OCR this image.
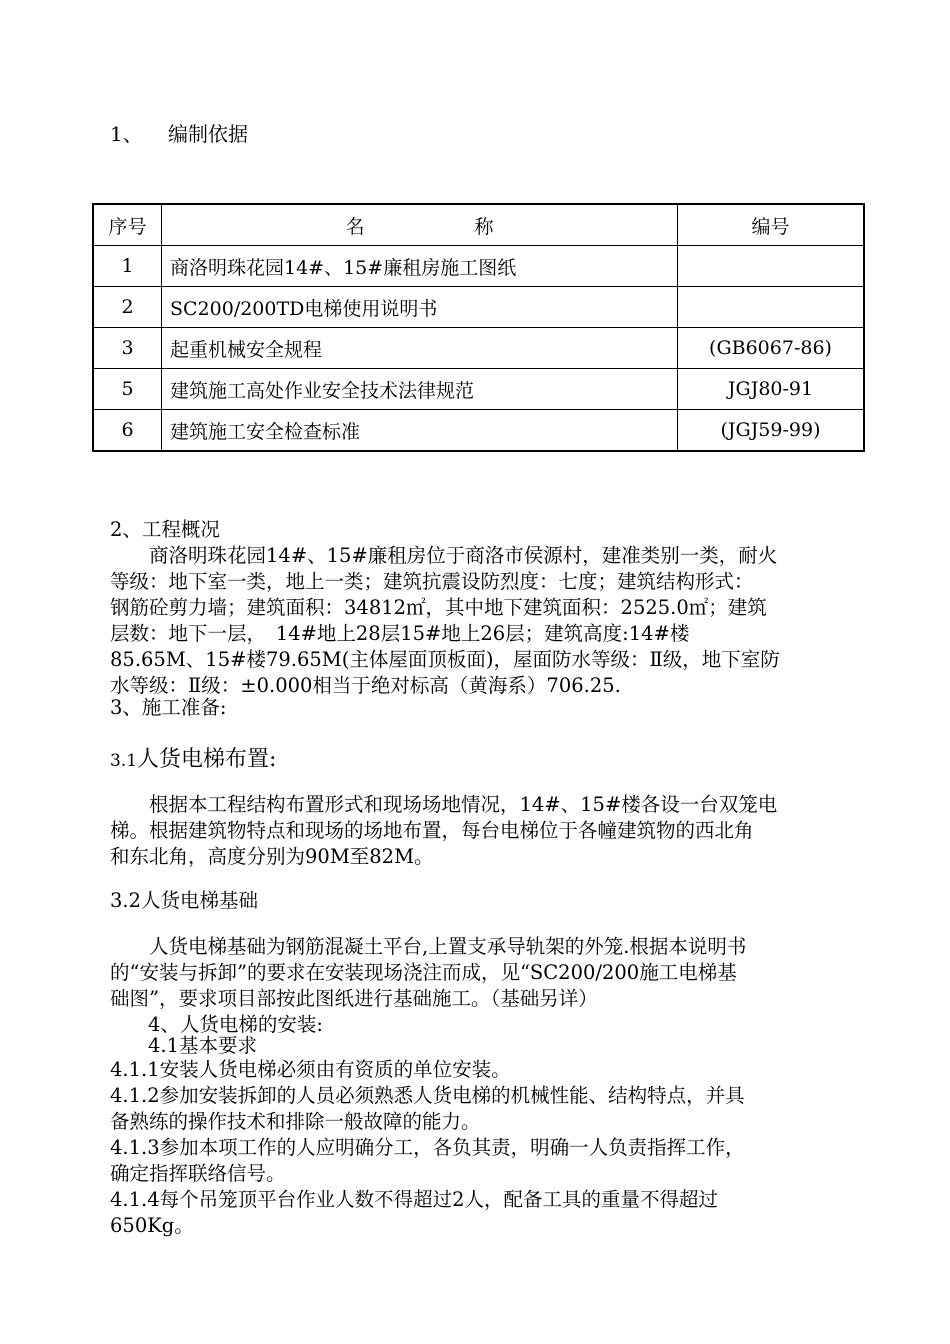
1、 编制依据
序号	名 称	编号
1	商洛明珠花园14#、15#廉租房施工图纸	
2	SC200/200TD电梯使用说明书	
3	起重机械安全规程	(GB6067-86)
5	建筑施工高处作业安全技术法律规范	JGJ80-91
6	建筑施工安全检查标准	(JGJ59-99)
2、工程概况
商洛明珠花园14#、15#廉租房位于商洛市侯源村，建准类别一类，耐火
等级：地下室一类，地上一类；建筑抗震设防烈度：七度；建筑结构形式：
钢筋砼剪力墙；建筑面积：34812㎡，其中地下建筑面积：2525.0㎡；建筑
层数：地下一层，　14#地上28层15#地上26层；建筑高度:14#楼
85.65M、15#楼79.65M(主体屋面顶板面)，屋面防水等级：Ⅱ级，地下室防
水等级：Ⅱ级：±0.000相当于绝对标高（黄海系）706.25.
3、施工准备:
3.1人货电梯布置:
根据本工程结构布置形式和现场场地情况，14#、15#楼各设一台双笼电
梯。根据建筑物特点和现场的场地布置，每台电梯位于各幢建筑物的西北角
和东北角，高度分别为90M至82M。
3.2人货电梯基础
人货电梯基础为钢筋混凝土平台,上置支承导轨架的外笼.根据本说明书
的“安装与拆卸”的要求在安装现场浇注而成，见“SC200/200施工电梯基
础图”，要求项目部按此图纸进行基础施工。（基础另详）
4、人货电梯的安装:
4.1基本要求
4.1.1安装人货电梯必须由有资质的单位安装。
4.1.2参加安装拆卸的人员必须熟悉人货电梯的机械性能、结构特点，并具
备熟练的操作技术和排除一般故障的能力。
4.1.3参加本项工作的人应明确分工，各负其责，明确一人负责指挥工作，
确定指挥联络信号。
4.1.4每个吊笼顶平台作业人数不得超过2人，配备工具的重量不得超过
650Kg。
